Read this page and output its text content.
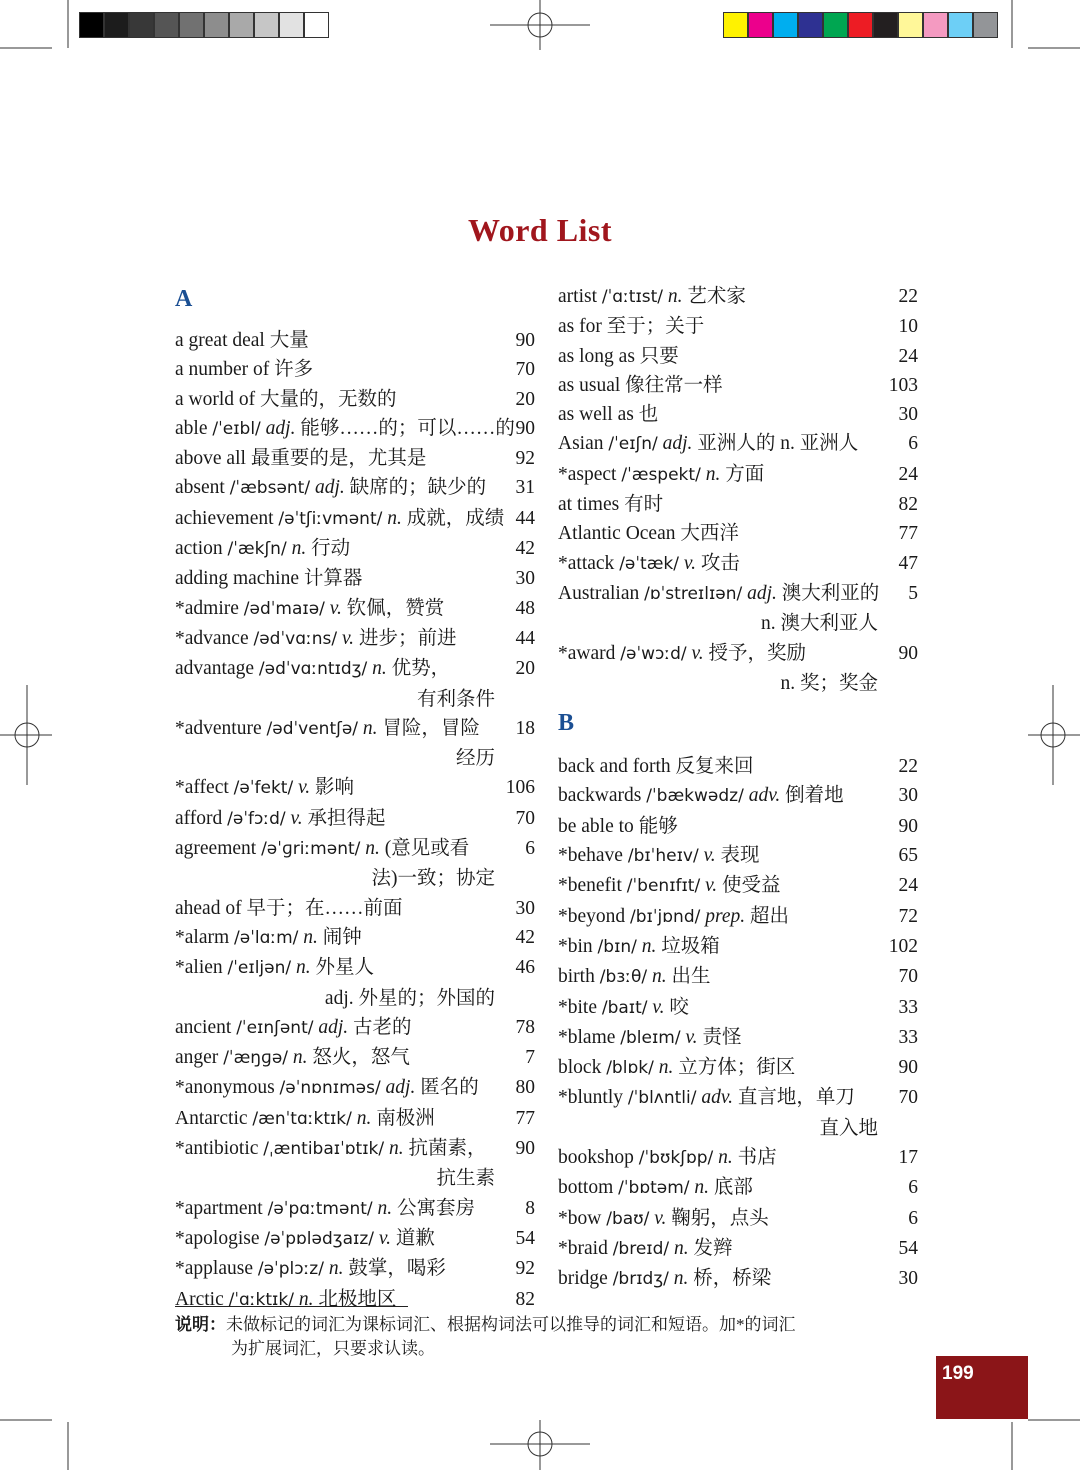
Word List
A
a great deal 大量	90
a number of 许多	70
a world of 大量的，无数的	20
able /ˈeɪbl/ adj. 能够……的；可以……的 90
above all 最重要的是，尤其是	92
absent /ˈæbsənt/ adj. 缺席的；缺少的	31
achievement /əˈtʃiːvmənt/ n. 成就，成绩 44
action /ˈækʃn/ n. 行动	42
adding machine 计算器	30
*admire /ədˈmaɪə/ v. 钦佩，赞赏	48
*advance /ədˈvɑːns/ v. 进步；前进	44
advantage /ədˈvɑːntɪdʒ/ n. 优势，	20
有利条件
*adventure /ədˈventʃə/ n. 冒险，冒险	18
经历
*affect /əˈfekt/ v. 影响	106
afford /əˈfɔːd/ v. 承担得起	70
agreement /əˈɡriːmənt/ n. (意见或看	6
法)一致；协定
ahead of 早于；在……前面	30
*alarm /əˈlɑːm/ n. 闹钟	42
*alien /ˈeɪljən/ n. 外星人	46
adj. 外星的；外国的
ancient /ˈeɪnʃənt/ adj. 古老的	78
anger /ˈæŋɡə/ n. 怒火，怒气	7
*anonymous /əˈnɒnɪməs/ adj. 匿名的	80
Antarctic /ænˈtɑːktɪk/ n. 南极洲	77
*antibiotic /ˌæntibaɪˈɒtɪk/ n. 抗菌素，	90
抗生素
*apartment /əˈpɑːtmənt/ n. 公寓套房	8
*apologise /əˈpɒlədʒaɪz/ v. 道歉	54
*applause /əˈplɔːz/ n. 鼓掌，喝彩	92
Arctic /ˈɑːktɪk/ n. 北极地区	82
artist /ˈɑːtɪst/ n. 艺术家	22
as for 至于；关于	10
as long as 只要	24
as usual 像往常一样	103
as well as 也	30
Asian /ˈeɪʃn/ adj. 亚洲人的 n. 亚洲人	6
*aspect /ˈæspekt/ n. 方面	24
at times 有时	82
Atlantic Ocean 大西洋	77
*attack /əˈtæk/ v. 攻击	47
Australian /ɒˈstreɪlɪən/ adj. 澳大利亚的	5
n. 澳大利亚人
*award /əˈwɔːd/ v. 授予，奖励	90
n. 奖；奖金
B
back and forth 反复来回	22
backwards /ˈbækwədz/ adv. 倒着地	30
be able to 能够	90
*behave /bɪˈheɪv/ v. 表现	65
*benefit /ˈbenɪfɪt/ v. 使受益	24
*beyond /bɪˈjɒnd/ prep. 超出	72
*bin /bɪn/ n. 垃圾箱	102
birth /bɜːθ/ n. 出生	70
*bite /baɪt/ v. 咬	33
*blame /bleɪm/ v. 责怪	33
block /blɒk/ n. 立方体；街区	90
*bluntly /ˈblʌntli/ adv. 直言地，单刀	70
直入地
bookshop /ˈbʊkʃɒp/ n. 书店	17
bottom /ˈbɒtəm/ n. 底部	6
*bow /baʊ/ v. 鞠躬，点头	6
*braid /breɪd/ n. 发辫	54
bridge /brɪdʒ/ n. 桥，桥梁	30
说明：未做标记的词汇为课标词汇、根据构词法可以推导的词汇和短语。加*的词汇
为扩展词汇，只要求认读。
199
